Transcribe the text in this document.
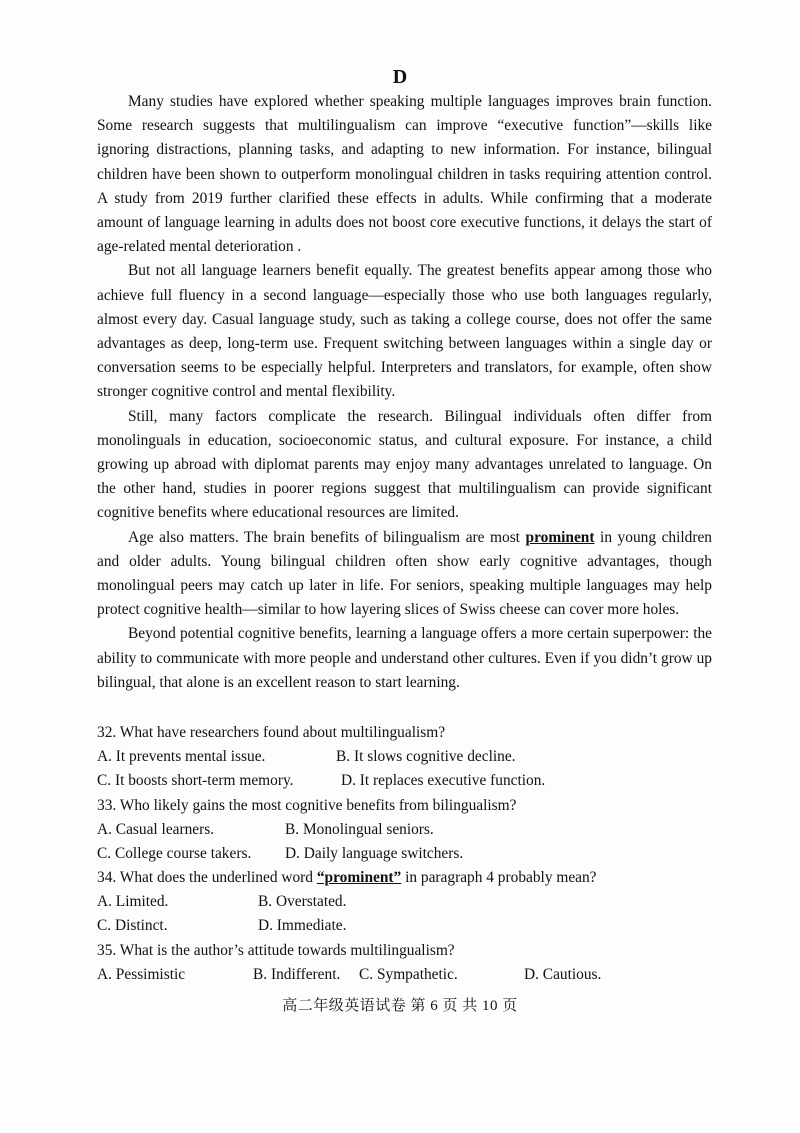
D

Many studies have explored whether speaking multiple languages improves brain function. Some research suggests that multilingualism can improve “executive function”—skills like ignoring distractions, planning tasks, and adapting to new information. For instance, bilingual children have been shown to outperform monolingual children in tasks requiring attention control. A study from 2019 further clarified these effects in adults. While confirming that a moderate amount of language learning in adults does not boost core executive functions, it delays the start of age-related mental deterioration .

But not all language learners benefit equally. The greatest benefits appear among those who achieve full fluency in a second language—especially those who use both languages regularly, almost every day. Casual language study, such as taking a college course, does not offer the same advantages as deep, long-term use. Frequent switching between languages within a single day or conversation seems to be especially helpful. Interpreters and translators, for example, often show stronger cognitive control and mental flexibility.

Still, many factors complicate the research. Bilingual individuals often differ from monolinguals in education, socioeconomic status, and cultural exposure. For instance, a child growing up abroad with diplomat parents may enjoy many advantages unrelated to language. On the other hand, studies in poorer regions suggest that multilingualism can provide significant cognitive benefits where educational resources are limited.

Age also matters. The brain benefits of bilingualism are most prominent in young children and older adults. Young bilingual children often show early cognitive advantages, though monolingual peers may catch up later in life. For seniors, speaking multiple languages may help protect cognitive health—similar to how layering slices of Swiss cheese can cover more holes.

Beyond potential cognitive benefits, learning a language offers a more certain superpower: the ability to communicate with more people and understand other cultures. Even if you didn’t grow up bilingual, that alone is an excellent reason to start learning.

32. What have researchers found about multilingualism?
A. It prevents mental issue.	B. It slows cognitive decline.
C. It boosts short-term memory.	D. It replaces executive function.
33. Who likely gains the most cognitive benefits from bilingualism?
A. Casual learners.	B. Monolingual seniors.
C. College course takers. D. Daily language switchers.
34. What does the underlined word “prominent” in paragraph 4 probably mean?
A. Limited.	B. Overstated.
C. Distinct.	D. Immediate.
35. What is the author’s attitude towards multilingualism?
A. Pessimistic	B. Indifferent. C. Sympathetic.	D. Cautious.
高二年级英语试卷 第 6 页 共 10 页
